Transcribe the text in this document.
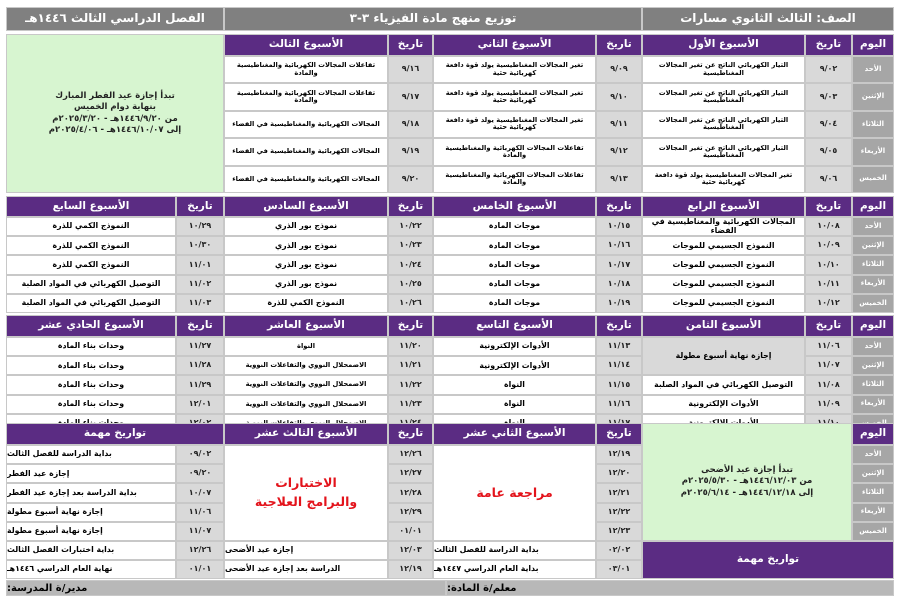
الصف: الثالث الثانوي مسارات
توزيع منهج مادة الفيزياء ٣-٣
الفصل الدراسي الثالث ١٤٤٦هـ
اليوم
الأحد
الإثنين
الثلاثاء
الأربعاء
الخميس
تاريخ
الأسبوع الأول
٩/٠٢
٩/٠٣
٩/٠٤
٩/٠٥
٩/٠٦
التيار الكهربائي الناتج عن تغير المجالات المغناطيسية
التيار الكهربائي الناتج عن تغير المجالات المغناطيسية
التيار الكهربائي الناتج عن تغير المجالات المغناطيسية
التيار الكهربائي الناتج عن تغير المجالات المغناطيسية
تغير المجالات المغناطيسية يولد قوة دافعة كهربائية حثية
تاريخ
الأسبوع الثاني
٩/٠٩
٩/١٠
٩/١١
٩/١٢
٩/١٣
تغير المجالات المغناطيسية يولد قوة دافعة كهربائية حثية
تغير المجالات المغناطيسية يولد قوة دافعة كهربائية حثية
تغير المجالات المغناطيسية يولد قوة دافعة كهربائية حثية
تفاعلات المجالات الكهربائية والمغناطيسية والمادة
تفاعلات المجالات الكهربائية والمغناطيسية والمادة
تاريخ
الأسبوع الثالث
٩/١٦
٩/١٧
٩/١٨
٩/١٩
٩/٢٠
تفاعلات المجالات الكهربائية والمغناطيسية والمادة
تفاعلات المجالات الكهربائية والمغناطيسية والمادة
المجالات الكهربائية والمغناطيسية في الفضاء
المجالات الكهربائية والمغناطيسية في الفضاء
المجالات الكهربائية والمغناطيسية في الفضاء
تبدأ إجازة عيد الفطر المبارك
بنهاية دوام الخميس
من ١٤٤٦/٩/٢٠هـ - ٢٠٢٥/٣/٢٠م
إلى ١٤٤٦/١٠/٠٧هـ - ٢٠٢٥/٤/٠٦م
اليوم
الأحد
الإثنين
الثلاثاء
الأربعاء
الخميس
تاريخ
الأسبوع الرابع
١٠/٠٨
١٠/٠٩
١٠/١٠
١٠/١١
١٠/١٢
المجالات الكهربائية والمغناطيسية في الفضاء
النموذج الجسيمي للموجات
النموذج الجسيمي للموجات
النموذج الجسيمي للموجات
النموذج الجسيمي للموجات
تاريخ
الأسبوع الخامس
١٠/١٥
١٠/١٦
١٠/١٧
١٠/١٨
١٠/١٩
موجات المادة
موجات المادة
موجات المادة
موجات المادة
موجات المادة
تاريخ
الأسبوع السادس
١٠/٢٢
١٠/٢٣
١٠/٢٤
١٠/٢٥
١٠/٢٦
نموذج بور الذري
نموذج بور الذري
نموذج بور الذري
نموذج بور الذري
النموذج الكمي للذرة
تاريخ
الأسبوع السابع
١٠/٢٩
١٠/٣٠
١١/٠١
١١/٠٢
١١/٠٣
النموذج الكمي للذرة
النموذج الكمي للذرة
النموذج الكمي للذرة
التوصيل الكهربائي في المواد الصلبة
التوصيل الكهربائي في المواد الصلبة
اليوم
الأحد
الإثنين
الثلاثاء
الأربعاء
تاريخ
الأسبوع الثامن
١١/٠٦
١١/٠٧
١١/٠٨
١١/٠٩
تاريخ
الأسبوع التاسع
١١/١٣
١١/١٤
١١/١٥
١١/١٦
الأدوات الإلكترونية
الأدوات الإلكترونية
النواة
النواة
تاريخ
الأسبوع العاشر
١١/٢٠
١١/٢١
١١/٢٢
١١/٢٣
النواة
الاضمحلال النووي والتفاعلات النووية
الاضمحلال النووي والتفاعلات النووية
الاضمحلال النووي والتفاعلات النووية
تاريخ
الأسبوع الحادي عشر
١١/٢٧
١١/٢٨
١١/٢٩
١٢/٠١
وحدات بناء المادة
وحدات بناء المادة
وحدات بناء المادة
وحدات بناء المادة
إجازة نهاية أسبوع مطولة
التوصيل الكهربائي في المواد الصلبة
الأدوات الإلكترونية
اليوم
الأحد
الإثنين
الثلاثاء
الأربعاء
الخميس
تبدأ إجازة عيد الأضحى
من ١٤٤٦/١٢/٠٣هـ - ٢٠٢٥/٥/٣٠م
إلى ١٤٤٦/١٢/١٨هـ - ٢٠٢٥/٦/١٤م
تاريخ
الأسبوع الثاني عشر
١٢/١٩
١٢/٢٠
١٢/٢١
١٢/٢٢
١٢/٢٣
مراجعة عامة
تاريخ
الأسبوع الثالث عشر
١٢/٢٦
١٢/٢٧
١٢/٢٨
١٢/٢٩
٠١/٠١
الاختبارات
والبرامج العلاجية
تواريخ مهمة
٠٩/٠٢
بداية الدراسة للفصل الثالث
٠٩/٢٠
إجازة عيد الفطر
١٠/٠٧
بداية الدراسة بعد إجازة عيد الفطر
١١/٠٦
إجازة نهاية أسبوع مطولة
١١/٠٧
إجازة نهاية أسبوع مطولة
١٢/٢٦
بداية اختبارات الفصل الثالث
٠١/٠١
نهاية العام الدراسي ١٤٤٦هـ
١٢/٠٣
إجازة عيد الأضحى
١٢/١٩
الدراسة بعد إجازة عيد الأضحى
٠٢/٠٢
بداية الدراسة للفصل الثالث
٠٣/٠١
بداية العام الدراسي ١٤٤٧هـ
تواريخ مهمة
معلم/ة المادة:
مدير/ة المدرسة:
